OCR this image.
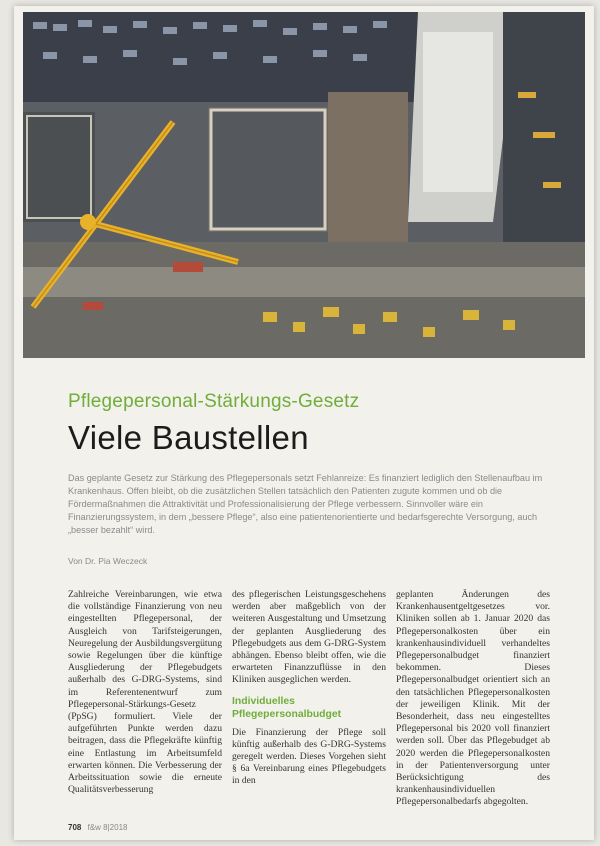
Pflegepersonal-Stärkungs-Gesetz
Viele Baustellen
Das geplante Gesetz zur Stärkung des Pflegepersonals setzt Fehlanreize: Es finanziert lediglich den Stellenaufbau im Krankenhaus. Offen bleibt, ob die zusätzlichen Stellen tatsächlich den Patienten zugute kommen und ob die Fördermaßnahmen die Attraktivität und Professionalisierung der Pflege verbessern. Sinnvoller wäre ein Finanzierungssystem, in dem „bessere Pflege“, also eine patientenorientierte und bedarfsgerechte Versorgung, auch „besser bezahlt“ wird.
Von Dr. Pia Weczeck

Zahlreiche Vereinbarungen, wie etwa die vollständige Finanzierung von neu eingestellten Pflegepersonal, der Ausgleich von Tarifsteigerungen, Neuregelung der Ausbildungsvergütung sowie Regelungen über die künftige Ausgliederung der Pflegebudgets außerhalb des G-DRG-Systems, sind im Referentenentwurf zum Pflegepersonal-Stärkungs-Gesetz (PpSG) formuliert. Viele der aufgeführten Punkte werden dazu beitragen, dass die Pflegekräfte künftig eine Entlastung im Arbeitsumfeld erwarten können. Die Verbesserung der Arbeitssituation sowie die erneute Qualitätsverbesserung

des pflegerischen Leistungsgeschehens werden aber maßgeblich von der weiteren Ausgestaltung und Umsetzung der geplanten Ausgliederung des Pflegebudgets aus dem G-DRG-System abhängen. Ebenso bleibt offen, wie die erwarteten Finanzzuflüsse in den Kliniken ausgeglichen werden.

Individuelles Pflegepersonalbudget

Die Finanzierung der Pflege soll künftig außerhalb des G-DRG-Systems geregelt werden. Dieses Vorgehen sieht § 6a Vereinbarung eines Pflegebudgets in den

geplanten Änderungen des Krankenhausentgeltgesetzes vor. Kliniken sollen ab 1. Januar 2020 das Pflegepersonalkosten über ein krankenhausindividuell verhandeltes Pflegepersonalbudget finanziert bekommen. Dieses Pflegepersonalbudget orientiert sich an den tatsächlichen Pflegepersonalkosten der jeweiligen Klinik. Mit der Besonderheit, dass neu eingestelltes Pflegepersonal bis 2020 voll finanziert werden soll. Über das Pflegebudget ab 2020 werden die Pflegepersonalkosten in der Patientenversorgung unter Berücksichtigung des krankenhausindividuellen Pflegepersonalbedarfs abgegolten.

708 f&w 8|2018
